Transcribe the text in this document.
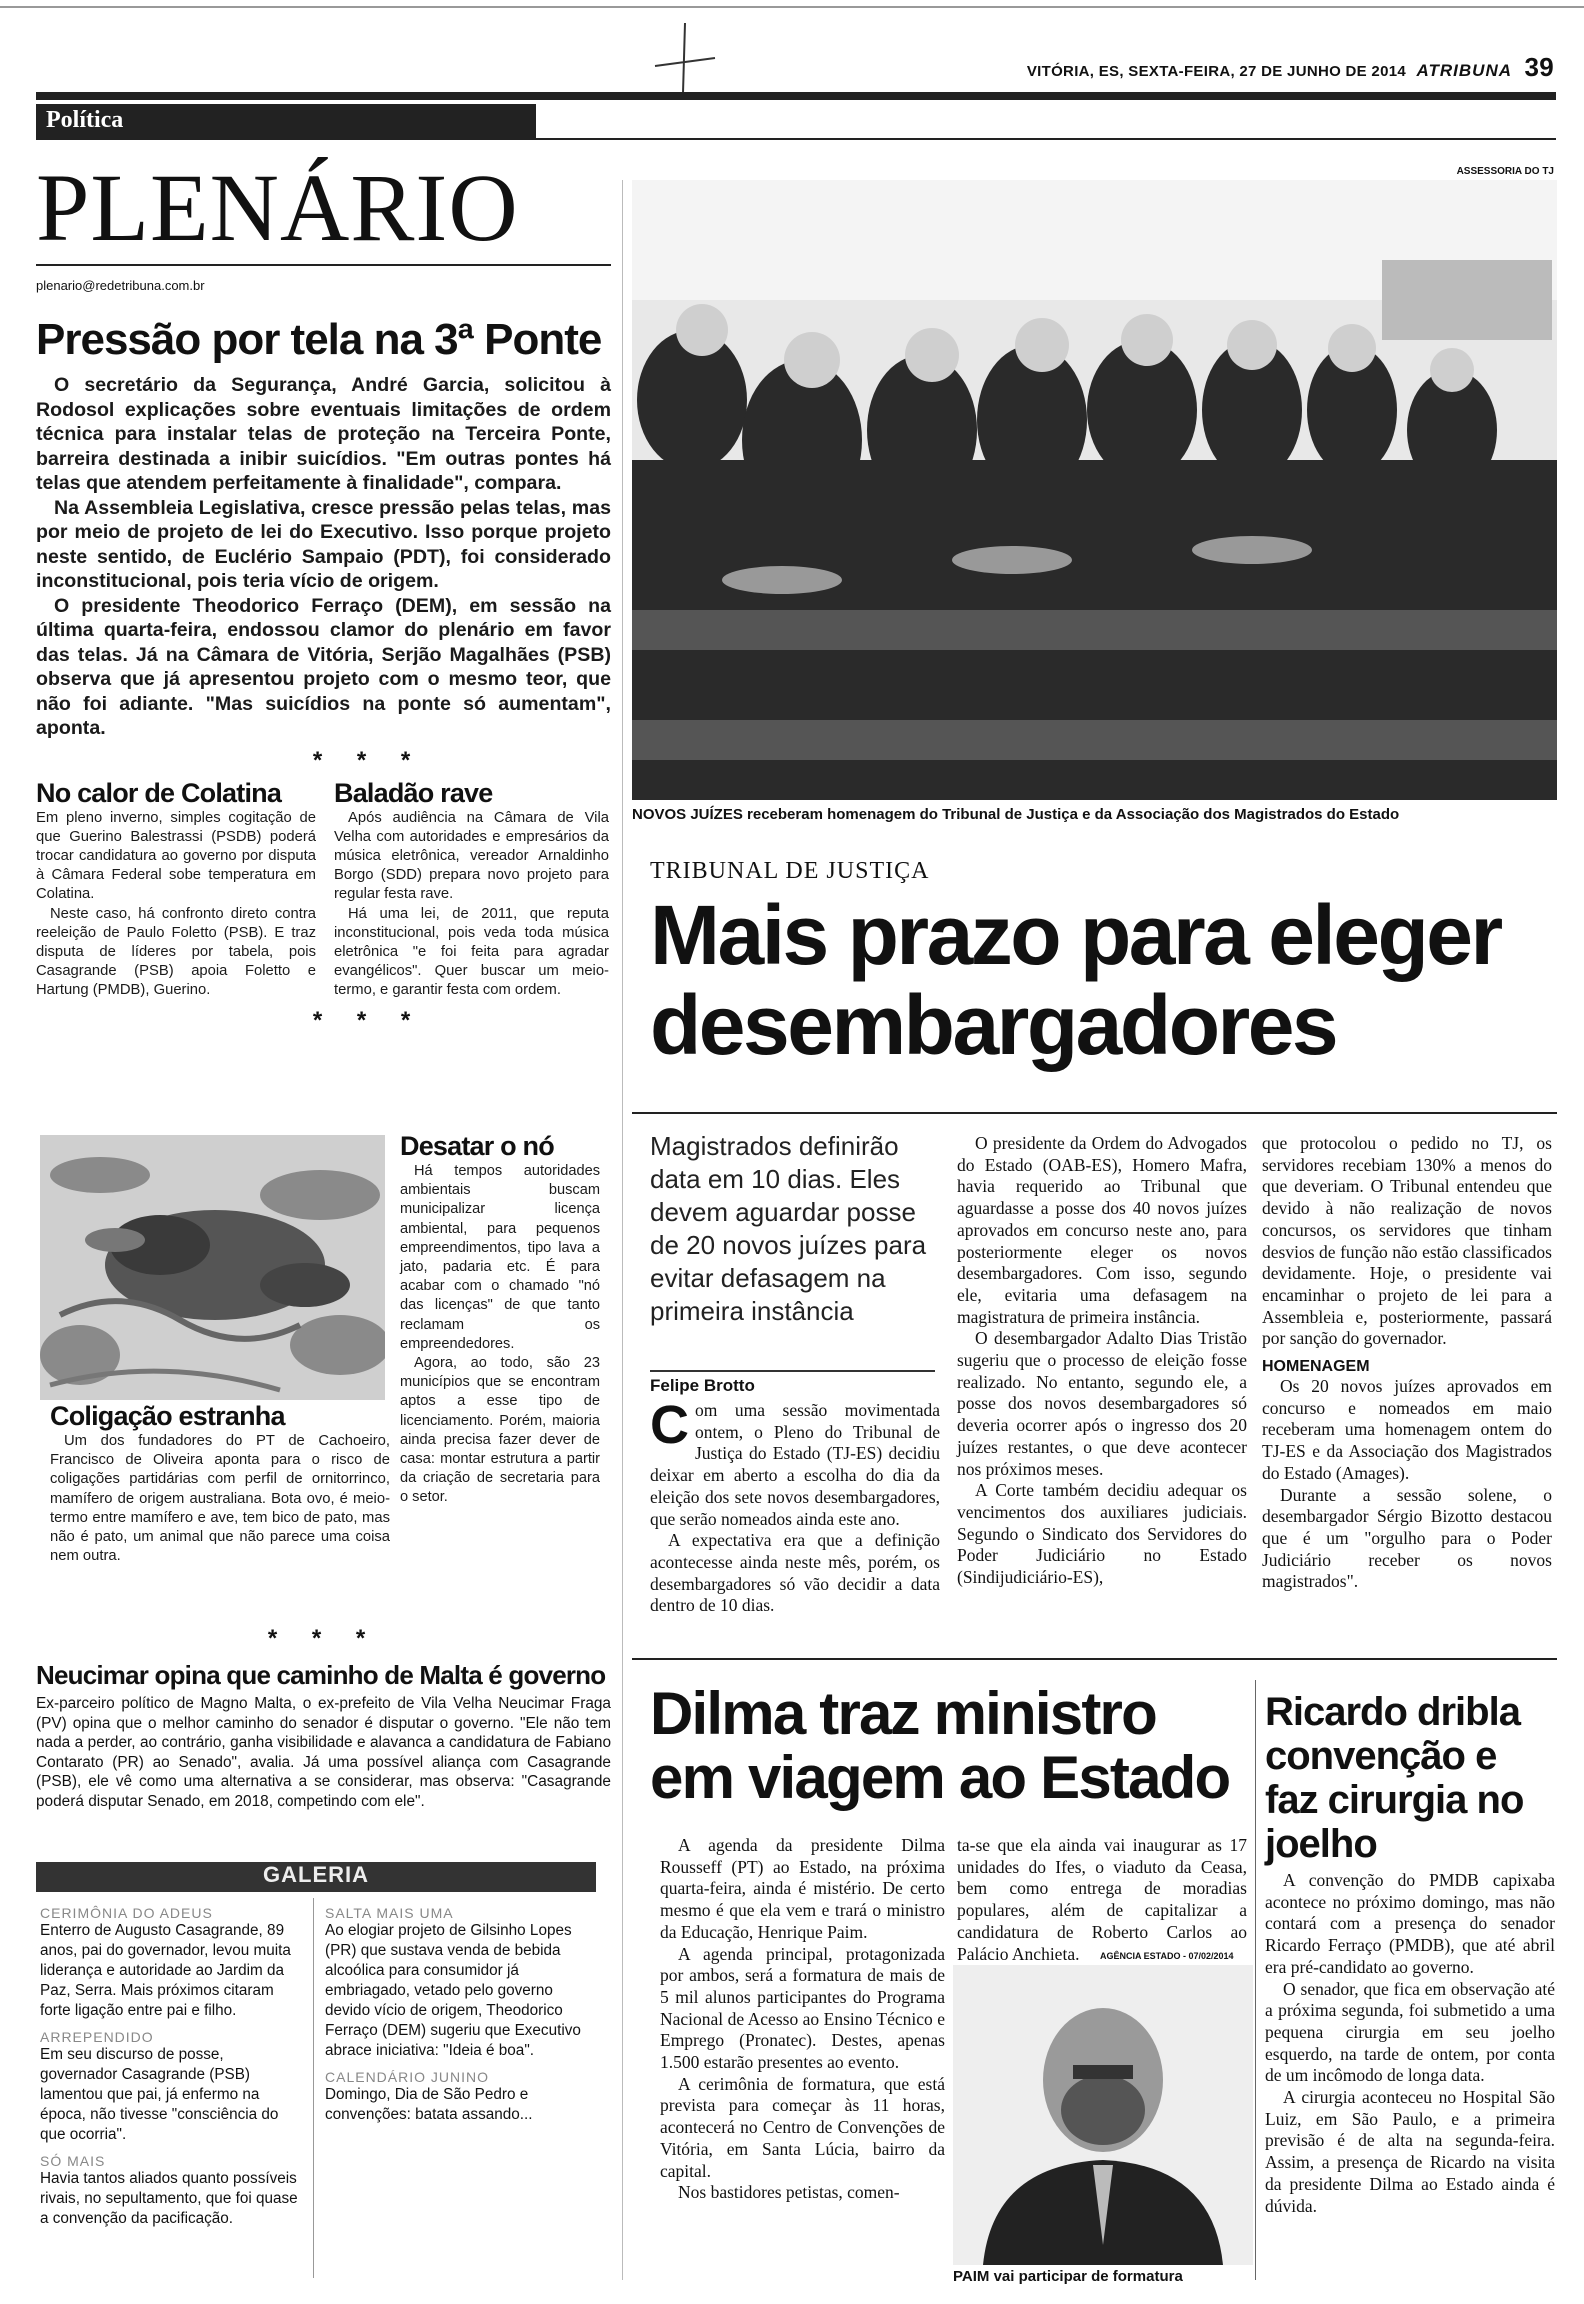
VITÓRIA, ES, SEXTA-FEIRA, 27 DE JUNHO DE 2014 ATRIBUNA 39
Política
PLENÁRIO
plenario@redetribuna.com.br
Pressão por tela na 3ª Ponte

O secretário da Segurança, André Garcia, solicitou à Rodosol explicações sobre eventuais limitações de ordem técnica para instalar telas de proteção na Terceira Ponte, barreira destinada a inibir suicídios. "Em outras pontes há telas que atendem perfeitamente à finalidade", compara.

Na Assembleia Legislativa, cresce pressão pelas telas, mas por meio de projeto de lei do Executivo. Isso porque projeto neste sentido, de Euclério Sampaio (PDT), foi considerado inconstitucional, pois teria vício de origem.

O presidente Theodorico Ferraço (DEM), em sessão na última quarta-feira, endossou clamor do plenário em favor das telas. Já na Câmara de Vitória, Serjão Magalhães (PSB) observa que já apresentou projeto com o mesmo teor, que não foi adiante. "Mas suicídios na ponte só aumentam", aponta.

* * *
No calor de Colatina

Em pleno inverno, simples cogitação de que Guerino Balestrassi (PSDB) poderá trocar candidatura ao governo por disputa à Câmara Federal sobe temperatura em Colatina.

Neste caso, há confronto direto contra reeleição de Paulo Foletto (PSB). E traz disputa de líderes por tabela, pois Casagrande (PSB) apoia Foletto e Hartung (PMDB), Guerino.

Baladão rave

Após audiência na Câmara de Vila Velha com autoridades e empresários da música eletrônica, vereador Arnaldinho Borgo (SDD) prepara novo projeto para regular festa rave.

Há uma lei, de 2011, que reputa inconstitucional, pois veda toda música eletrônica "e foi feita para agradar evangélicos". Quer buscar um meio-termo, e garantir festa com ordem.

* * *
Desatar o nó

Há tempos autoridades ambientais buscam municipalizar licença ambiental, para pequenos empreendimentos, tipo lava a jato, padaria etc. É para acabar com o chamado "nó das licenças" de que tanto reclamam os empreendedores.

Agora, ao todo, são 23 municípios que se encontram aptos a esse tipo de licenciamento. Porém, maioria ainda precisa fazer dever de casa: montar estrutura a partir da criação de secretaria para o setor.

Coligação estranha

Um dos fundadores do PT de Cachoeiro, Francisco de Oliveira aponta para o risco de coligações partidárias com perfil de ornitorrinco, mamífero de origem australiana. Bota ovo, é meio-termo entre mamífero e ave, tem bico de pato, mas não é pato, um animal que não parece uma coisa nem outra.

* * *
Neucimar opina que caminho de Malta é governo

Ex-parceiro político de Magno Malta, o ex-prefeito de Vila Velha Neucimar Fraga (PV) opina que o melhor caminho do senador é disputar o governo. "Ele não tem nada a perder, ao contrário, ganha visibilidade e alavanca a candidatura de Fabiano Contarato (PR) ao Senado", avalia. Já uma possível aliança com Casagrande (PSB), ele vê como uma alternativa a se considerar, mas observa: "Casagrande poderá disputar Senado, em 2018, competindo com ele".

GALERIA
CERIMÔNIA DO ADEUS

Enterro de Augusto Casagrande, 89 anos, pai do governador, levou muita liderança e autoridade ao Jardim da Paz, Serra. Mais próximos citaram forte ligação entre pai e filho.

ARREPENDIDO

Em seu discurso de posse, governador Casagrande (PSB) lamentou que pai, já enfermo na época, não tivesse "consciência do que ocorria".

SÓ MAIS

Havia tantos aliados quanto possíveis rivais, no sepultamento, que foi quase a convenção da pacificação.

SALTA MAIS UMA

Ao elogiar projeto de Gilsinho Lopes (PR) que sustava venda de bebida alcoólica para consumidor já embriagado, vetado pelo governo devido vício de origem, Theodorico Ferraço (DEM) sugeriu que Executivo abrace iniciativa: "Ideia é boa".

CALENDÁRIO JUNINO

Domingo, Dia de São Pedro e convenções: batata assando...

ASSESSORIA DO TJ
NOVOS JUÍZES receberam homenagem do Tribunal de Justiça e da Associação dos Magistrados do Estado
TRIBUNAL DE JUSTIÇA
Mais prazo para eleger desembargadores
Magistrados definirão data em 10 dias. Eles devem aguardar posse de 20 novos juízes para evitar defasagem na primeira instância
Felipe Brotto
C om uma sessão movimentada ontem, o Pleno do Tribunal de Justiça do Estado (TJ-ES) decidiu deixar em aberto a escolha do dia da eleição dos sete novos desembargadores, que serão nomeados ainda este ano.

A expectativa era que a definição acontecesse ainda neste mês, porém, os desembargadores só vão decidir a data dentro de 10 dias.

O presidente da Ordem do Advogados do Estado (OAB-ES), Homero Mafra, havia requerido ao Tribunal que aguardasse a posse dos 40 novos juízes aprovados em concurso neste ano, para posteriormente eleger os novos desembargadores. Com isso, segundo ele, evitaria uma defasagem na magistratura de primeira instância.

O desembargador Adalto Dias Tristão sugeriu que o processo de eleição fosse realizado. No entanto, segundo ele, a posse dos novos desembargadores só deveria ocorrer após o ingresso dos 20 juízes restantes, o que deve acontecer nos próximos meses.

A Corte também decidiu adequar os vencimentos dos auxiliares judiciais. Segundo o Sindicato dos Servidores do Poder Judiciário no Estado (Sindijudiciário-ES),

que protocolou o pedido no TJ, os servidores recebiam 130% a menos do que deveriam. O Tribunal entendeu que devido à não realização de novos concursos, os servidores que tinham desvios de função não estão classificados devidamente. Hoje, o presidente vai encaminhar o projeto de lei para a Assembleia e, posteriormente, passará por sanção do governador.

HOMENAGEM

Os 20 novos juízes aprovados em concurso e nomeados em maio receberam uma homenagem ontem do TJ-ES e da Associação dos Magistrados do Estado (Amages).

Durante a sessão solene, o desembargador Sérgio Bizotto destacou que é um "orgulho para o Poder Judiciário receber os novos magistrados".

Dilma traz ministro em viagem ao Estado

A agenda da presidente Dilma Rousseff (PT) ao Estado, na próxima quarta-feira, ainda é mistério. De certo mesmo é que ela vem e trará o ministro da Educação, Henrique Paim.

A agenda principal, protagonizada por ambos, será a formatura de mais de 5 mil alunos participantes do Programa Nacional de Acesso ao Ensino Técnico e Emprego (Pronatec). Destes, apenas 1.500 estarão presentes ao evento.

A cerimônia de formatura, que está prevista para começar às 11 horas, acontecerá no Centro de Convenções de Vitória, em Santa Lúcia, bairro da capital.

Nos bastidores petistas, comen-

ta-se que ela ainda vai inaugurar as 17 unidades do Ifes, o viaduto da Ceasa, bem como entrega de moradias populares, além de capitalizar a candidatura de Roberto Carlos ao Palácio Anchieta.	AGÊNCIA ESTADO - 07/02/2014
PAIM vai participar de formatura
Ricardo dribla convenção e faz cirurgia no joelho

A convenção do PMDB capixaba acontece no próximo domingo, mas não contará com a presença do senador Ricardo Ferraço (PMDB), que até abril era pré-candidato ao governo.

O senador, que fica em observação até a próxima segunda, foi submetido a uma pequena cirurgia em seu joelho esquerdo, na tarde de ontem, por conta de um incômodo de longa data.

A cirurgia aconteceu no Hospital São Luiz, em São Paulo, e a primeira previsão é de alta na segunda-feira. Assim, a presença de Ricardo na visita da presidente Dilma ao Estado ainda é dúvida.
